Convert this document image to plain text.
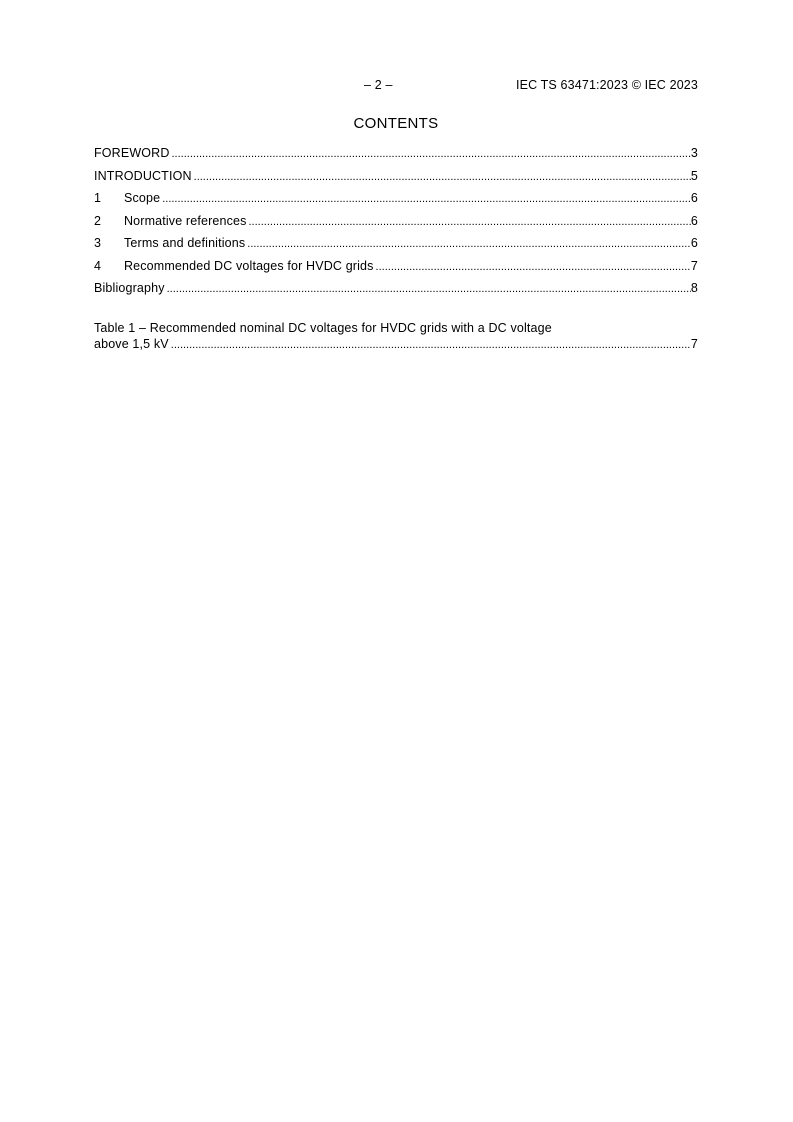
– 2 –	IEC TS 63471:2023 © IEC 2023
CONTENTS
FOREWORD .....	3
INTRODUCTION .....	5
1	Scope .....	6
2	Normative references .....	6
3	Terms and definitions .....	6
4	Recommended DC voltages for HVDC grids .....	7
Bibliography .....	8
Table 1 – Recommended nominal DC voltages for HVDC grids with a DC voltage
above 1,5 kV .....	7
